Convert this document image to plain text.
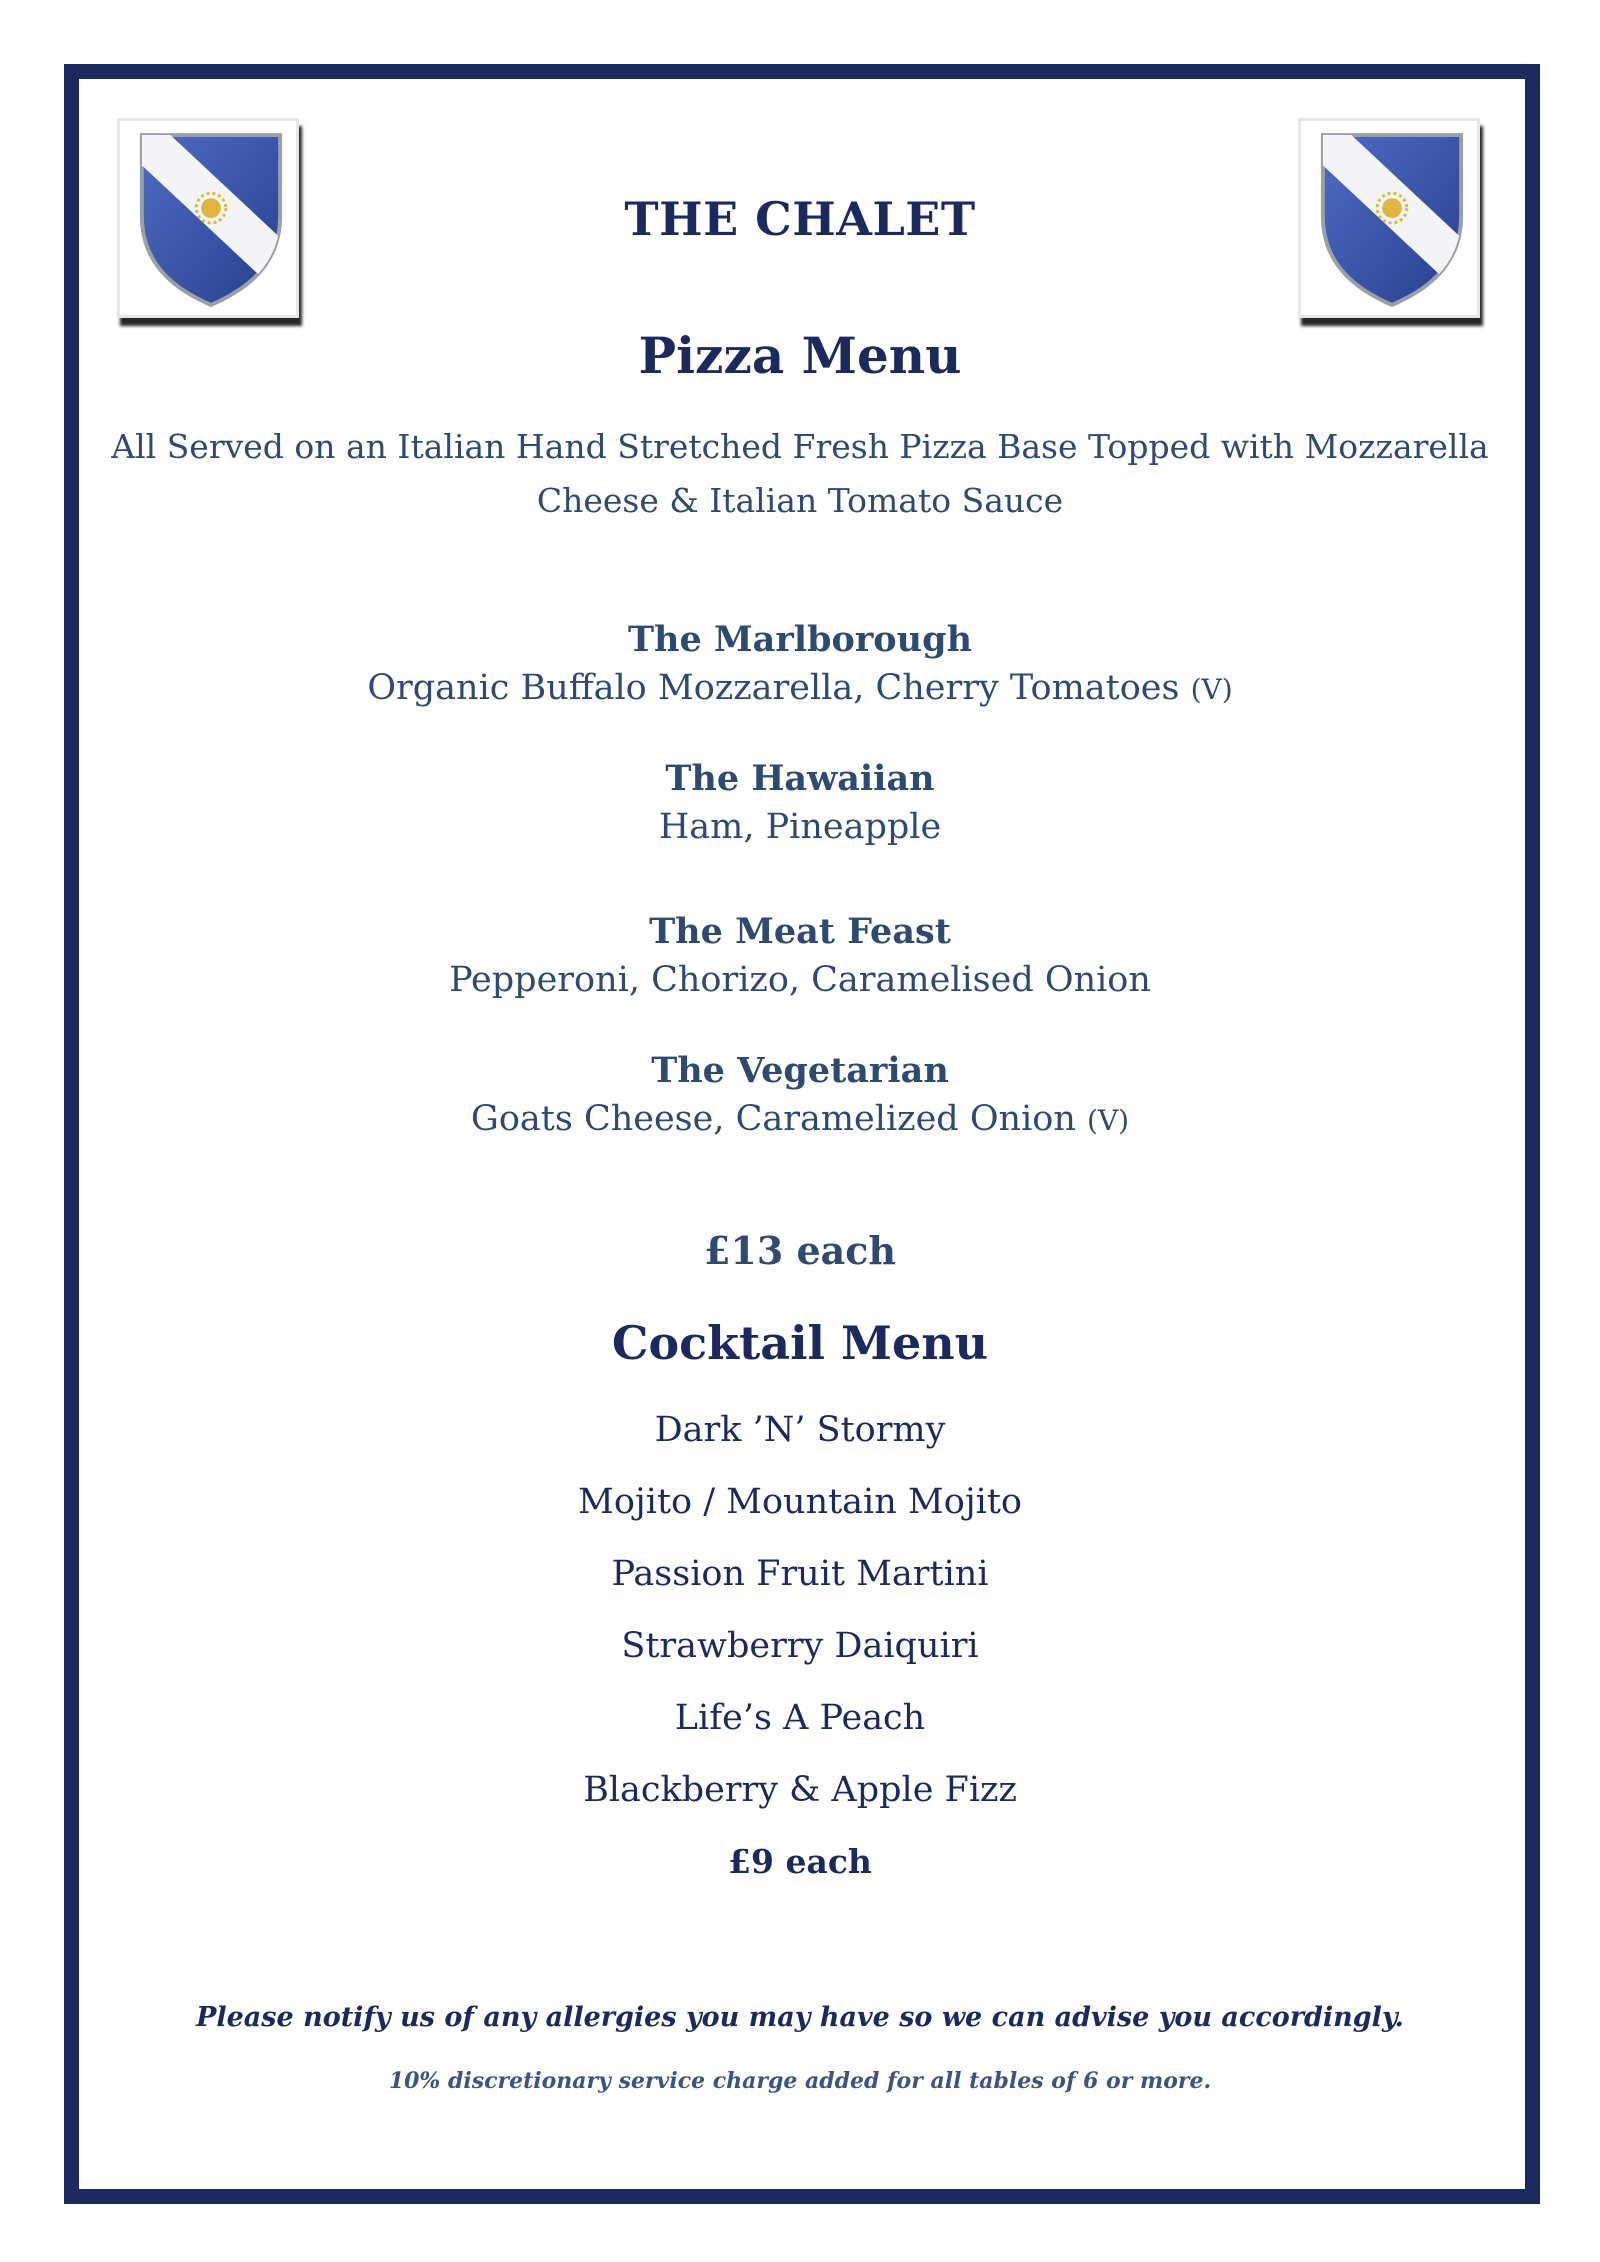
THE CHALET
Pizza Menu

All Served on an Italian Hand Stretched Fresh Pizza Base Topped with Mozzarella
Cheese & Italian Tomato Sauce

The Marlborough
Organic Buffalo Mozzarella, Cherry Tomatoes (V)
The Hawaiian
Ham, Pineapple
The Meat Feast
Pepperoni, Chorizo, Caramelised Onion
The Vegetarian
Goats Cheese, Caramelized Onion (V)

£13 each

Cocktail Menu
Dark ’N’ Stormy
Mojito / Mountain Mojito
Passion Fruit Martini
Strawberry Daiquiri
Life’s A Peach
Blackberry & Apple Fizz

£9 each

Please notify us of any allergies you may have so we can advise you accordingly.

10% discretionary service charge added for all tables of 6 or more.
